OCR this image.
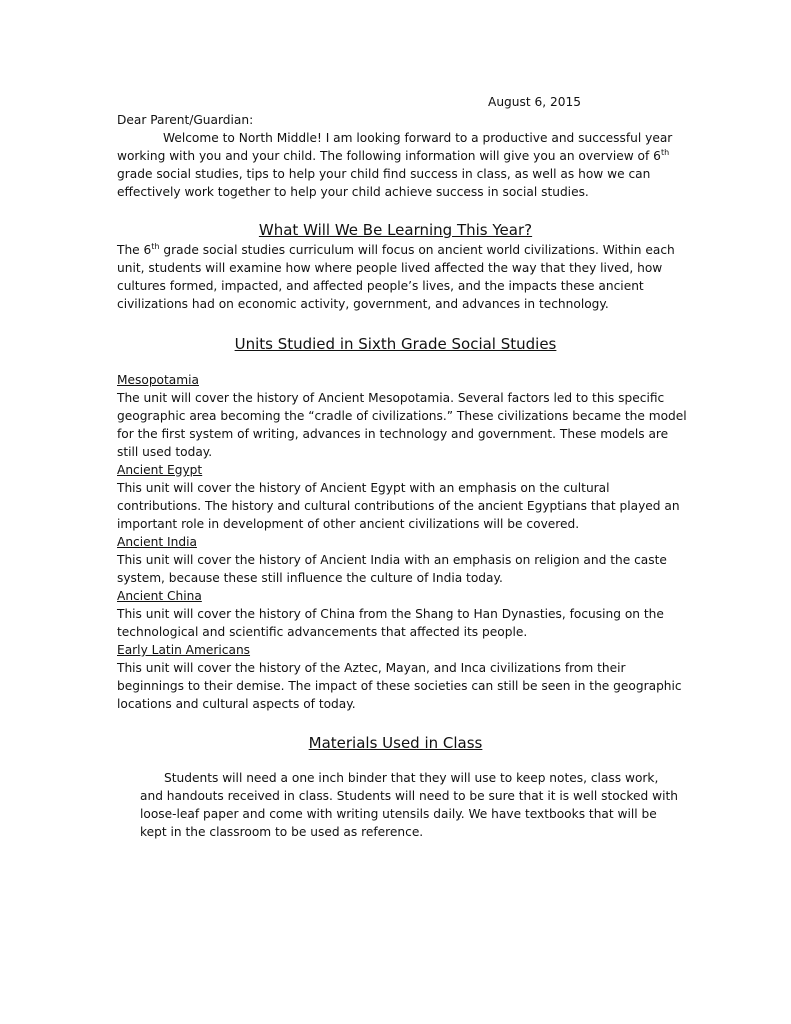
August 6, 2015
Dear Parent/Guardian:

Welcome to North Middle! I am looking forward to a productive and successful year working with you and your child. The following information will give you an overview of 6th grade social studies, tips to help your child find success in class, as well as how we can effectively work together to help your child achieve success in social studies.

What Will We Be Learning This Year?

The 6th grade social studies curriculum will focus on ancient world civilizations. Within each unit, students will examine how where people lived affected the way that they lived, how cultures formed, impacted, and affected people’s lives, and the impacts these ancient civilizations had on economic activity, government, and advances in technology.

Units Studied in Sixth Grade Social Studies
Mesopotamia
The unit will cover the history of Ancient Mesopotamia. Several factors led to this specific geographic area becoming the “cradle of civilizations.” These civilizations became the model for the first system of writing, advances in technology and government. These models are still used today.
Ancient Egypt
This unit will cover the history of Ancient Egypt with an emphasis on the cultural contributions. The history and cultural contributions of the ancient Egyptians that played an important role in development of other ancient civilizations will be covered.
Ancient India
This unit will cover the history of Ancient India with an emphasis on religion and the caste system, because these still influence the culture of India today.
Ancient China
This unit will cover the history of China from the Shang to Han Dynasties, focusing on the technological and scientific advancements that affected its people.
Early Latin Americans
This unit will cover the history of the Aztec, Mayan, and Inca civilizations from their beginnings to their demise. The impact of these societies can still be seen in the geographic locations and cultural aspects of today.
Materials Used in Class

Students will need a one inch binder that they will use to keep notes, class work, and handouts received in class. Students will need to be sure that it is well stocked with loose-leaf paper and come with writing utensils daily. We have textbooks that will be kept in the classroom to be used as reference.
